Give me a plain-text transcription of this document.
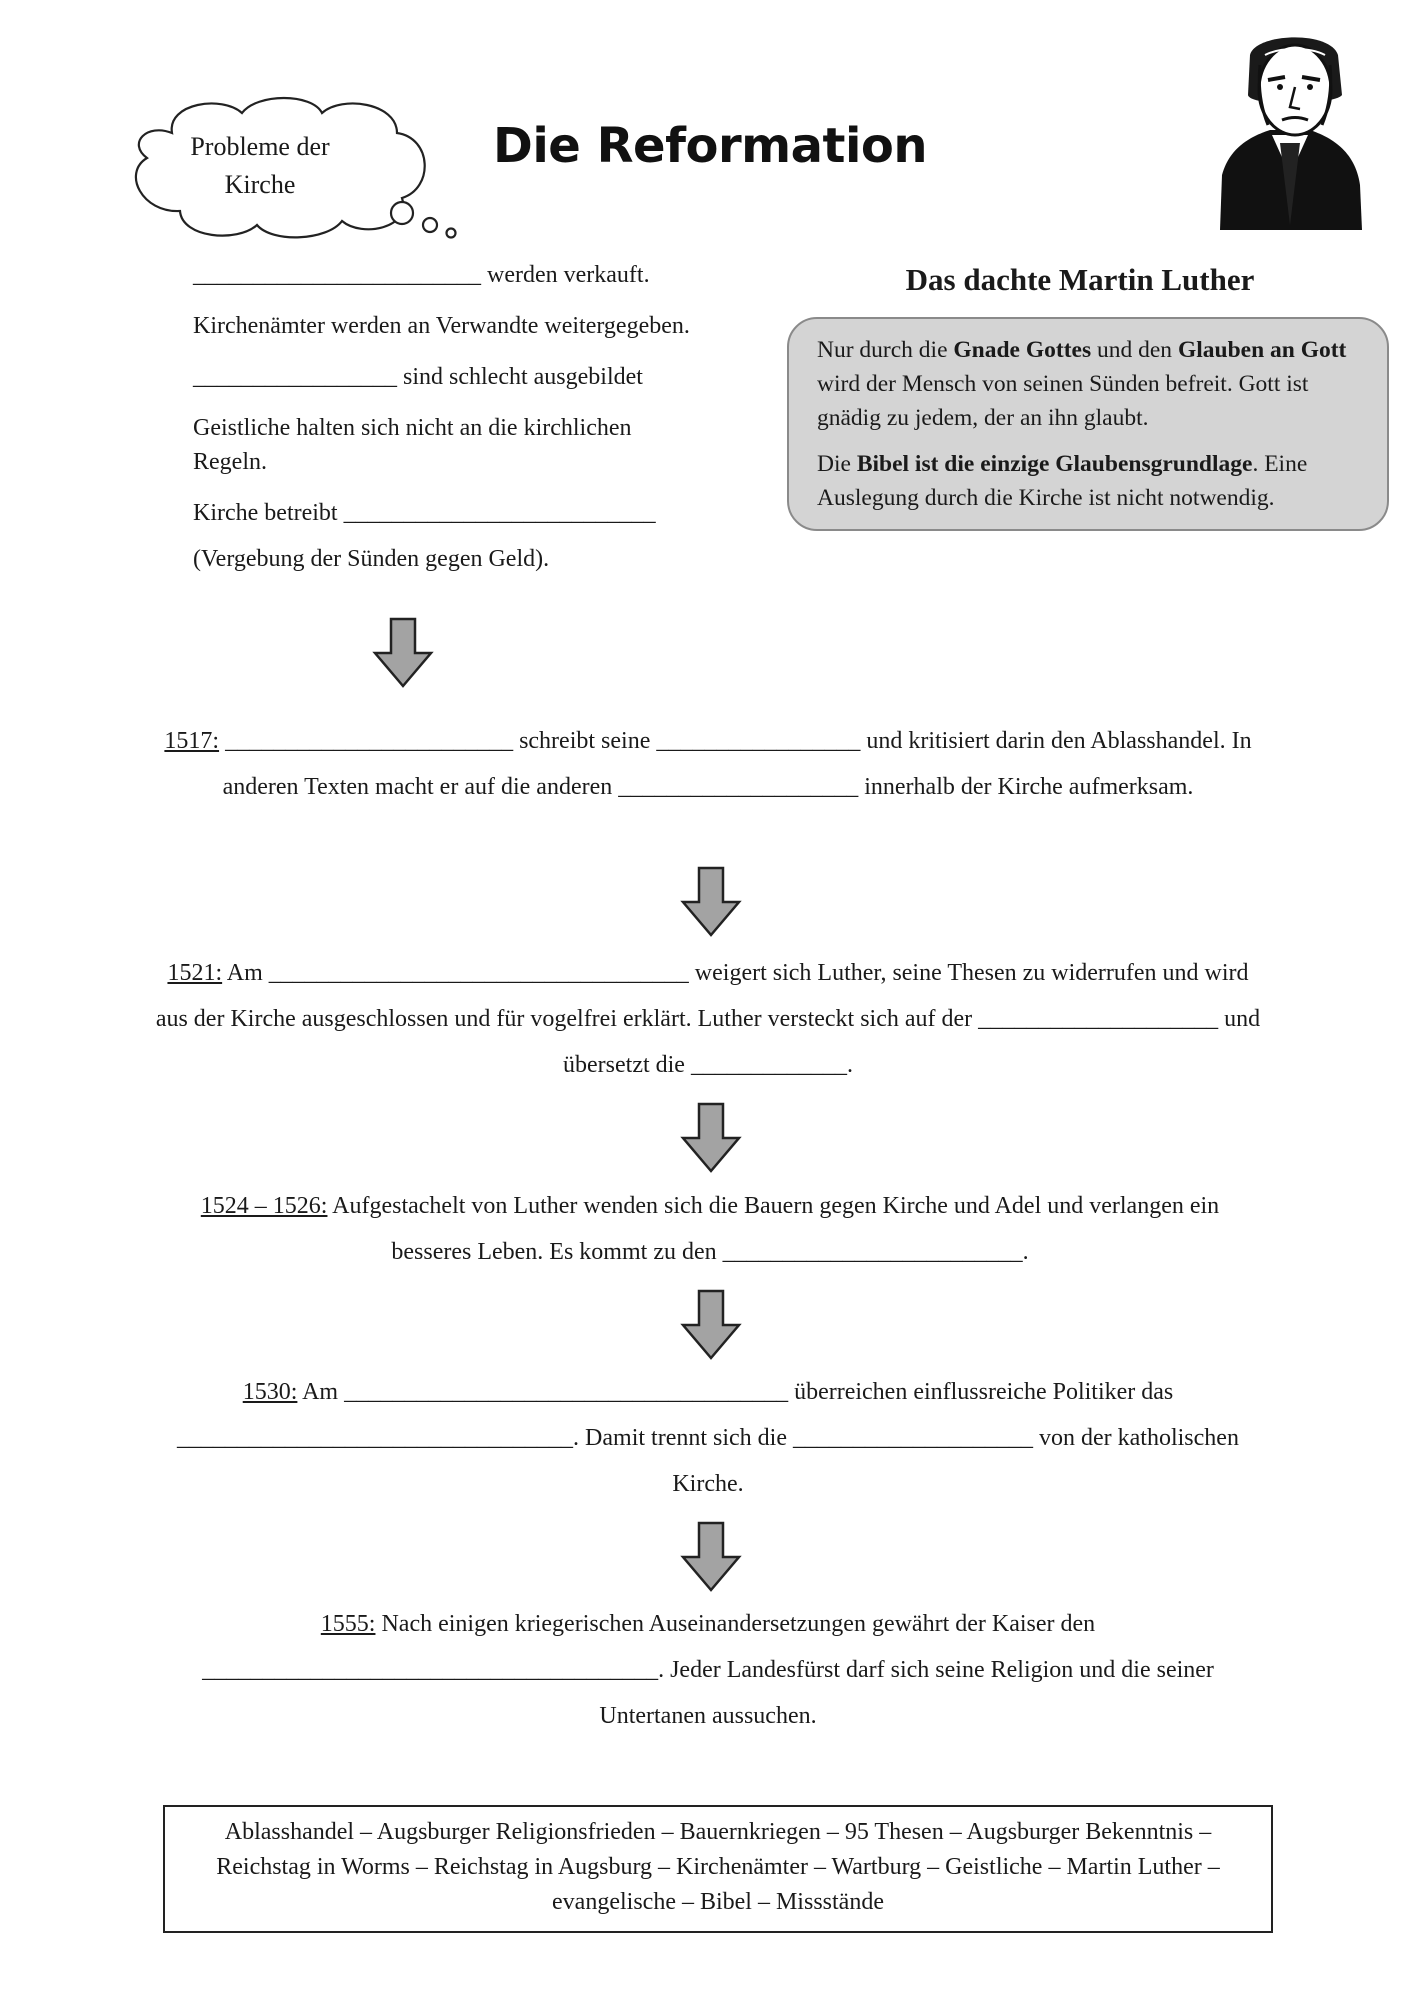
Probleme der
Kirche
Die Reformation

________________________ werden verkauft.

Kirchenämter werden an Verwandte weitergegeben.

_________________ sind schlecht ausgebildet

Geistliche halten sich nicht an die kirchlichen Regeln.

Kirche betreibt __________________________

(Vergebung der Sünden gegen Geld).

Das dachte Martin Luther

Nur durch die Gnade Gottes und den Glauben an Gott wird der Mensch von seinen Sünden befreit. Gott ist gnädig zu jedem, der an ihn glaubt.

Die Bibel ist die einzige Glaubensgrundlage. Eine Auslegung durch die Kirche ist nicht notwendig.

1517: ________________________ schreibt seine _________________ und kritisiert darin den Ablasshandel. In anderen Texten macht er auf die anderen ____________________ innerhalb der Kirche aufmerksam.
1521: Am ___________________________________ weigert sich Luther, seine Thesen zu widerrufen und wird aus der Kirche ausgeschlossen und für vogelfrei erklärt. Luther versteckt sich auf der ____________________ und übersetzt die _____________.
1524 – 1526: Aufgestachelt von Luther wenden sich die Bauern gegen Kirche und Adel und verlangen ein besseres Leben. Es kommt zu den _________________________.
1530: Am _____________________________________ überreichen einflussreiche Politiker das _________________________________. Damit trennt sich die ____________________ von der katholischen Kirche.
1555: Nach einigen kriegerischen Auseinandersetzungen gewährt der Kaiser den ______________________________________. Jeder Landesfürst darf sich seine Religion und die seiner Untertanen aussuchen.
Ablasshandel – Augsburger Religionsfrieden – Bauernkriegen – 95 Thesen – Augsburger Bekenntnis – Reichstag in Worms – Reichstag in Augsburg – Kirchenämter – Wartburg – Geistliche – Martin Luther – evangelische – Bibel – Missstände
